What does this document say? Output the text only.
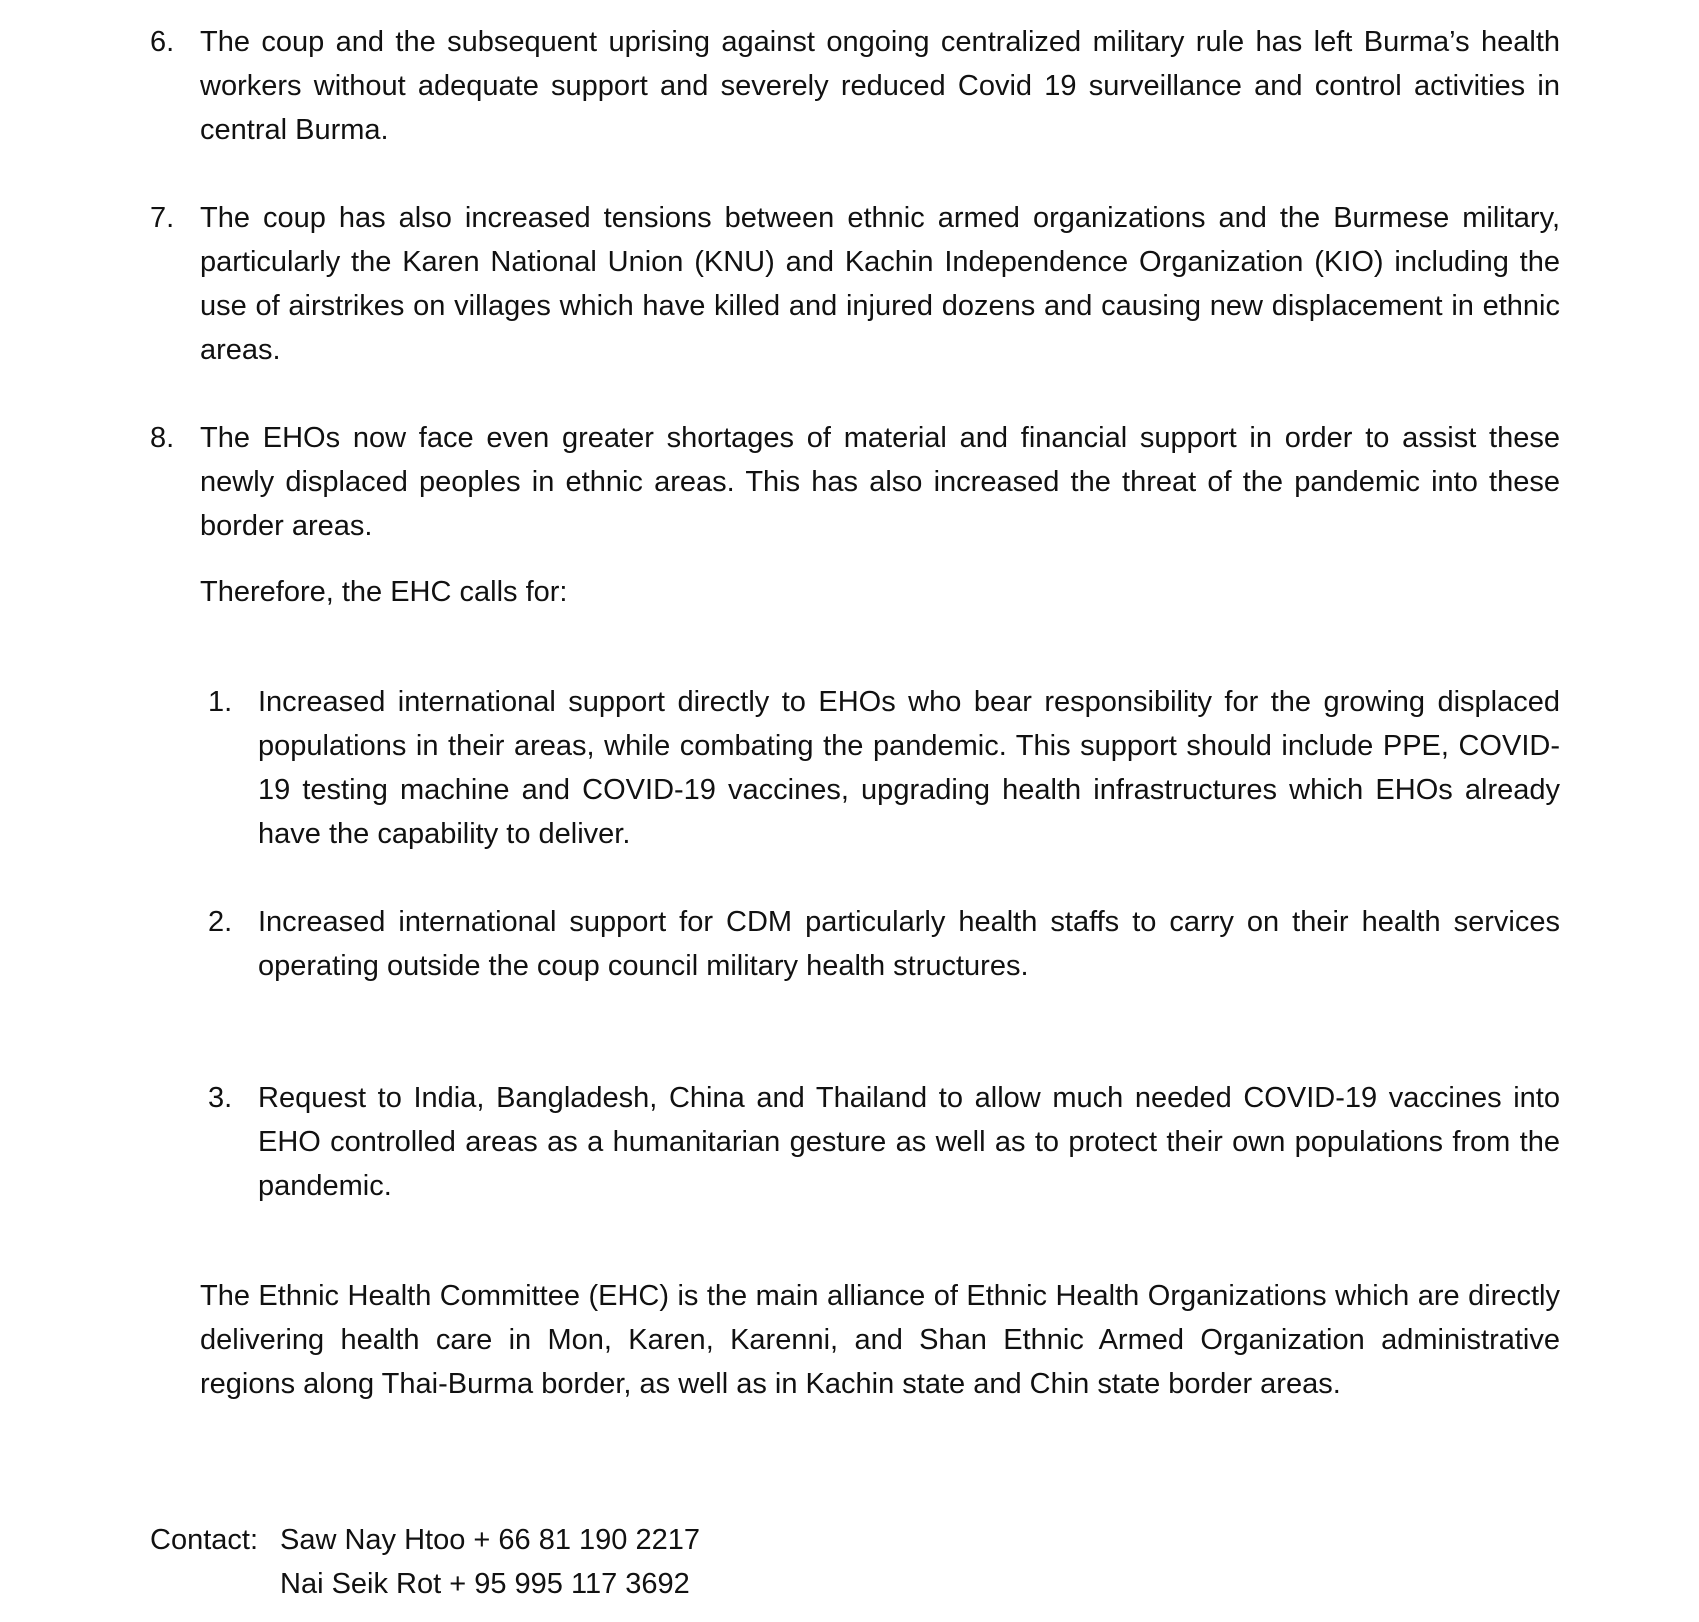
6. The coup and the subsequent uprising against ongoing centralized military rule has left Burma’s health workers without adequate support and severely reduced Covid 19 surveillance and control activities in central Burma.
7. The coup has also increased tensions between ethnic armed organizations and the Burmese military, particularly the Karen National Union (KNU) and Kachin Independence Organization (KIO) including the use of airstrikes on villages which have killed and injured dozens and causing new displacement in ethnic areas.
8. The EHOs now face even greater shortages of material and financial support in order to assist these newly displaced peoples in ethnic areas. This has also increased the threat of the pandemic into these border areas.
Therefore, the EHC calls for:
1. Increased international support directly to EHOs who bear responsibility for the growing displaced populations in their areas, while combating the pandemic. This support should include PPE, COVID-19 testing machine and COVID-19 vaccines, upgrading health infrastructures which EHOs already have the capability to deliver.
2. Increased international support for CDM particularly health staffs to carry on their health services operating outside the coup council military health structures.
3. Request to India, Bangladesh, China and Thailand to allow much needed COVID-19 vaccines into EHO controlled areas as a humanitarian gesture as well as to protect their own populations from the pandemic.
The Ethnic Health Committee (EHC) is the main alliance of Ethnic Health Organizations which are directly delivering health care in Mon, Karen, Karenni, and Shan Ethnic Armed Organization administrative regions along Thai-Burma border, as well as in Kachin state and Chin state border areas.
Contact: Saw Nay Htoo + 66 81 190 2217
Nai Seik Rot + 95 995 117 3692
